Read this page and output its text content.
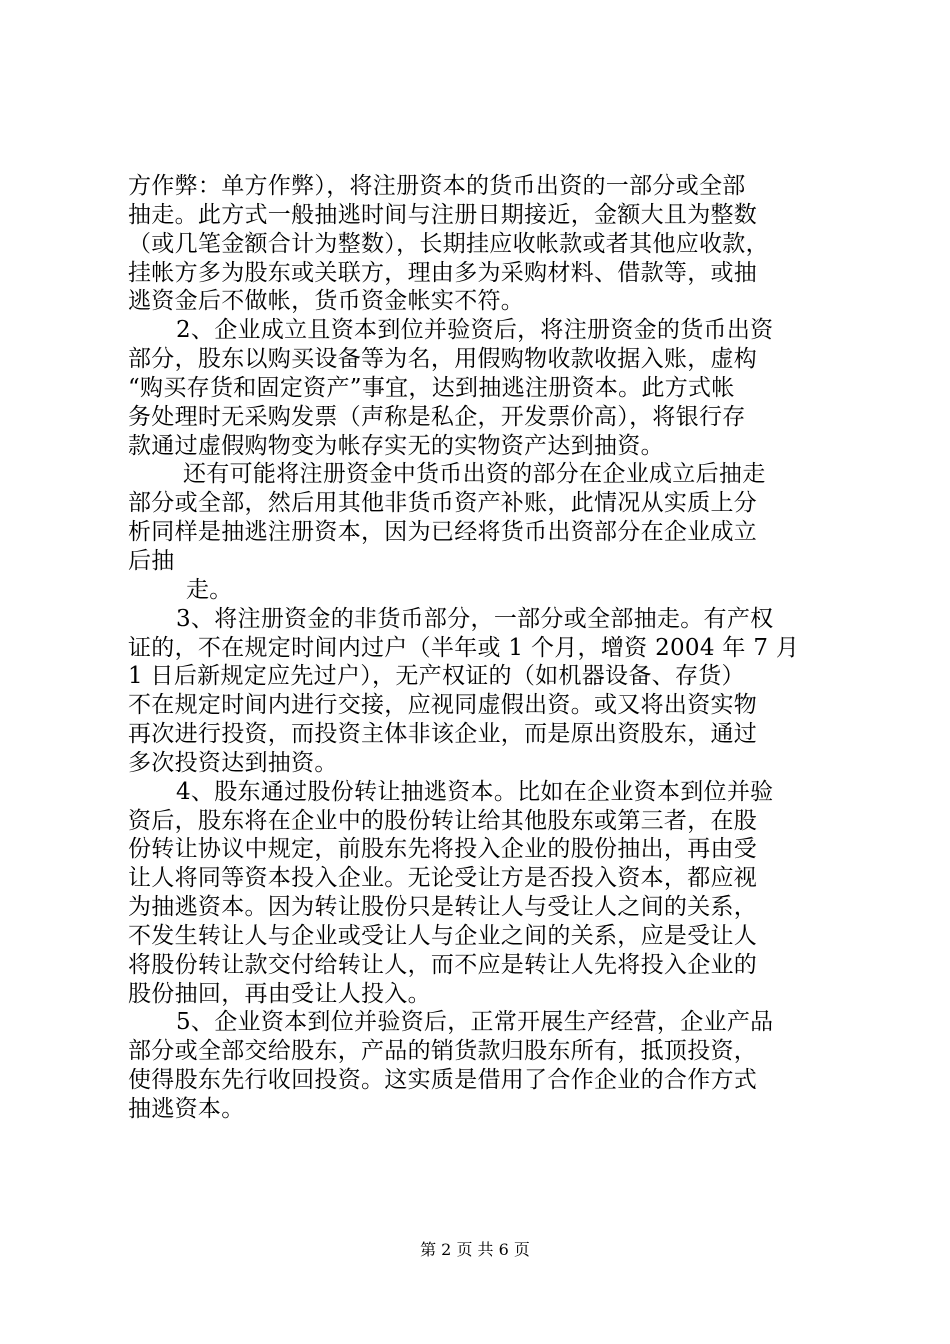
方作弊：单方作弊），将注册资本的货币出资的一部分或全部
抽走。此方式一般抽逃时间与注册日期接近，金额大且为整数
（或几笔金额合计为整数），长期挂应收帐款或者其他应收款，
挂帐方多为股东或关联方，理由多为采购材料、借款等，或抽
逃资金后不做帐，货币资金帐实不符。
2、企业成立且资本到位并验资后，将注册资金的货币出资
部分，股东以购买设备等为名，用假购物收款收据入账，虚构
“购买存货和固定资产”事宜，达到抽逃注册资本。此方式帐
务处理时无采购发票（声称是私企，开发票价高），将银行存
款通过虚假购物变为帐存实无的实物资产达到抽资。
还有可能将注册资金中货币出资的部分在企业成立后抽走
部分或全部，然后用其他非货币资产补账，此情况从实质上分
析同样是抽逃注册资本，因为已经将货币出资部分在企业成立
后抽
走。
3、将注册资金的非货币部分，一部分或全部抽走。有产权
证的，不在规定时间内过户（半年或 1 个月，增资 2004 年 7 月
1 日后新规定应先过户），无产权证的（如机器设备、存货）
不在规定时间内进行交接，应视同虚假出资。或又将出资实物
再次进行投资，而投资主体非该企业，而是原出资股东，通过
多次投资达到抽资。
4、股东通过股份转让抽逃资本。比如在企业资本到位并验
资后，股东将在企业中的股份转让给其他股东或第三者，在股
份转让协议中规定，前股东先将投入企业的股份抽出，再由受
让人将同等资本投入企业。无论受让方是否投入资本，都应视
为抽逃资本。因为转让股份只是转让人与受让人之间的关系，
不发生转让人与企业或受让人与企业之间的关系，应是受让人
将股份转让款交付给转让人，而不应是转让人先将投入企业的
股份抽回，再由受让人投入。
5、企业资本到位并验资后，正常开展生产经营，企业产品
部分或全部交给股东，产品的销货款归股东所有，抵顶投资，
使得股东先行收回投资。这实质是借用了合作企业的合作方式
抽逃资本。
第 2 页 共 6 页
